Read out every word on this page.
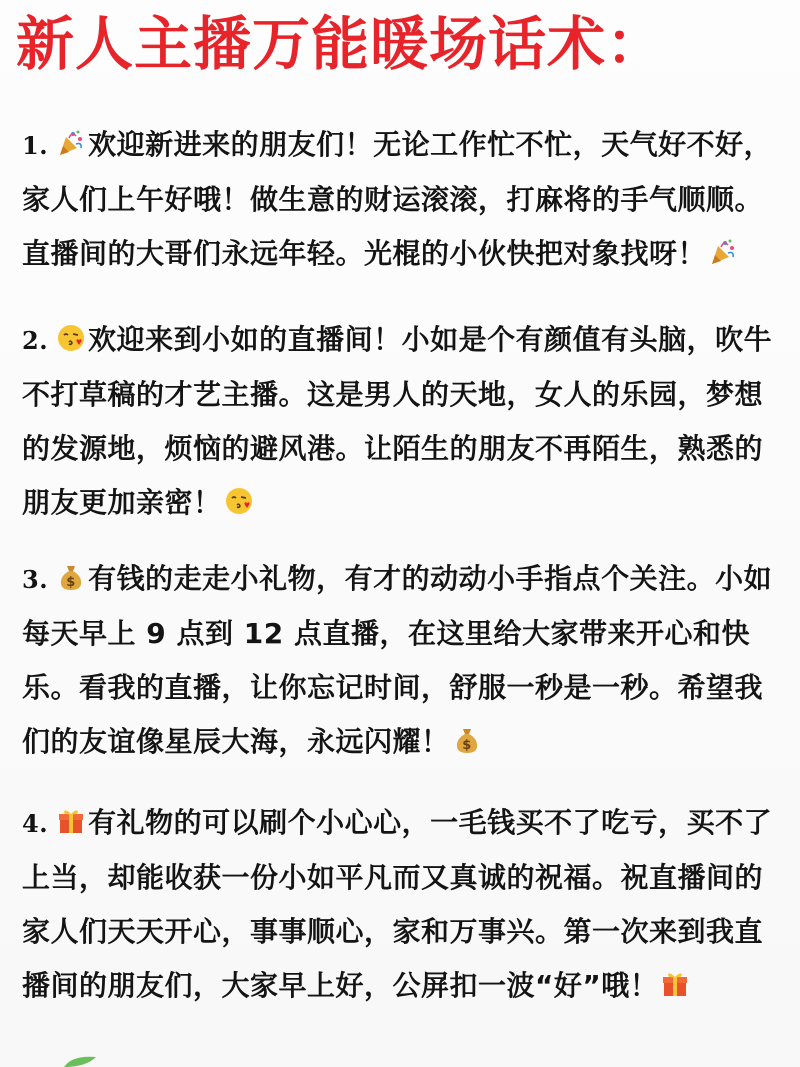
新人主播万能暖场话术：
1. 欢迎新进来的朋友们！无论工作忙不忙，天气好不好，家人们上午好哦！做生意的财运滚滚，打麻将的手气顺顺。直播间的大哥们永远年轻。光棍的小伙快把对象找呀！
2. 欢迎来到小如的直播间！小如是个有颜值有头脑，吹牛不打草稿的才艺主播。这是男人的天地，女人的乐园，梦想的发源地，烦恼的避风港。让陌生的朋友不再陌生，熟悉的朋友更加亲密！
3. $ 有钱的走走小礼物，有才的动动小手指点个关注。小如每天早上 9 点到 12 点直播，在这里给大家带来开心和快乐。看我的直播，让你忘记时间，舒服一秒是一秒。希望我们的友谊像星辰大海，永远闪耀！ $
4. 有礼物的可以刷个小心心，一毛钱买不了吃亏，买不了上当，却能收获一份小如平凡而又真诚的祝福。祝直播间的家人们天天开心，事事顺心，家和万事兴。第一次来到我直播间的朋友们，大家早上好，公屏扣一波“好”哦！
